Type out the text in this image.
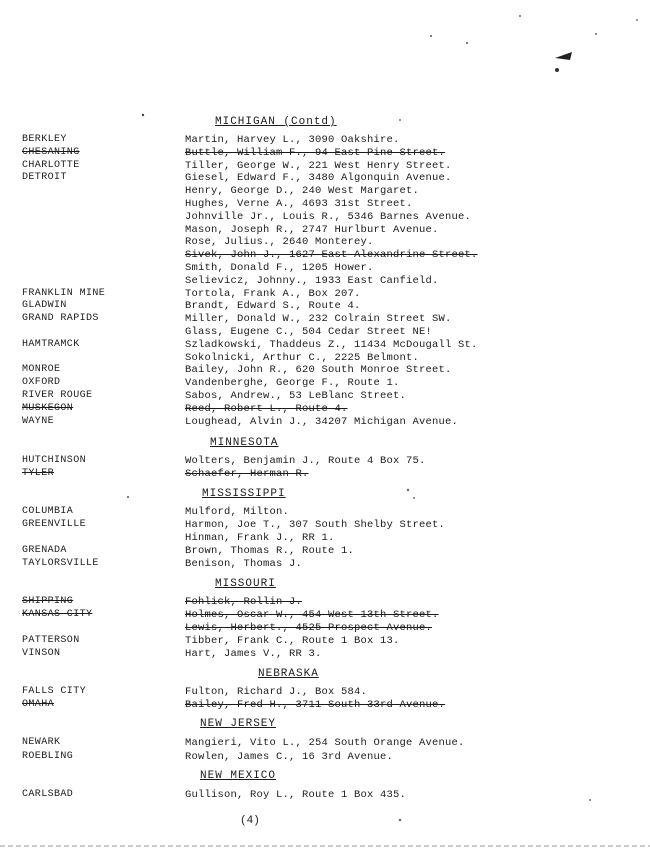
MICHIGAN (Contd)
BERKLEY	Martin, Harvey L., 3090 Oakshire.
CHESANING	Buttle, William F., 94 East Pine Street.
CHARLOTTE	Tiller, George W., 221 West Henry Street.
DETROIT	Giesel, Edward F., 3480 Algonquin Avenue.
Henry, George D., 240 West Margaret.
Hughes, Verne A., 4693 31st Street.
Johnville Jr., Louis R., 5346 Barnes Avenue.
Mason, Joseph R., 2747 Hurlburt Avenue.
Rose, Julius., 2640 Monterey.
Sivek, John J., 1627 East Alexandrine Street.
Smith, Donald F., 1205 Hower.
Selievicz, Johnny., 1933 East Canfield.
FRANKLIN MINE	Tortola, Frank A., Box 207.
GLADWIN	Brandt, Edward S., Route 4.
GRAND RAPIDS	Miller, Donald W., 232 Colrain Street SW.
Glass, Eugene C., 504 Cedar Street NE!
HAMTRAMCK	Szladkowski, Thaddeus Z., 11434 McDougall St.
Sokolnicki, Arthur C., 2225 Belmont.
MONROE	Bailey, John R., 620 South Monroe Street.
OXFORD	Vandenberghe, George F., Route 1.
RIVER ROUGE	Sabos, Andrew., 53 LeBlanc Street.
MUSKEGON	Reed, Robert L., Route 4.
WAYNE	Loughead, Alvin J., 34207 Michigan Avenue.
MINNESOTA
HUTCHINSON	Wolters, Benjamin J., Route 4 Box 75.
TYLER	Schaefer, Herman R.
MISSISSIPPI
COLUMBIA	Mulford, Milton.
GREENVILLE	Harmon, Joe T., 307 South Shelby Street.
Hinman, Frank J., RR 1.
GRENADA	Brown, Thomas R., Route 1.
TAYLORSVILLE	Benison, Thomas J.
MISSOURI
SHIPPING	Fohlick, Rollin J.
KANSAS CITY	Holmes, Oscar W., 454 West 13th Street.
Lewis, Herbert., 4525 Prospect Avenue.
PATTERSON	Tibber, Frank C., Route 1 Box 13.
VINSON	Hart, James V., RR 3.
NEBRASKA
FALLS CITY	Fulton, Richard J., Box 584.
OMAHA	Bailey, Fred H., 3711 South 33rd Avenue.
NEW JERSEY
NEWARK	Mangieri, Vito L., 254 South Orange Avenue.
ROEBLING	Rowlen, James C., 16 3rd Avenue.
NEW MEXICO
CARLSBAD	Gullison, Roy L., Route 1 Box 435.
(4)
